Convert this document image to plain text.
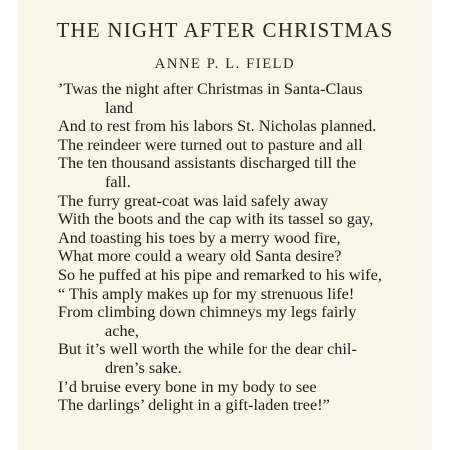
THE NIGHT AFTER CHRISTMAS
ANNE P. L. FIELD
’Twas the night after Christmas in Santa-Claus
land
And to rest from his labors St. Nicholas planned.
The reindeer were turned out to pasture and all
The ten thousand assistants discharged till the
fall.
The furry great-coat was laid safely away
With the boots and the cap with its tassel so gay,
And toasting his toes by a merry wood fire,
What more could a weary old Santa desire?
So he puffed at his pipe and remarked to his wife,
“ This amply makes up for my strenuous life!
From climbing down chimneys my legs fairly
ache,
But it’s well worth the while for the dear chil-
dren’s sake.
I’d bruise every bone in my body to see
The darlings’ delight in a gift-laden tree!”
